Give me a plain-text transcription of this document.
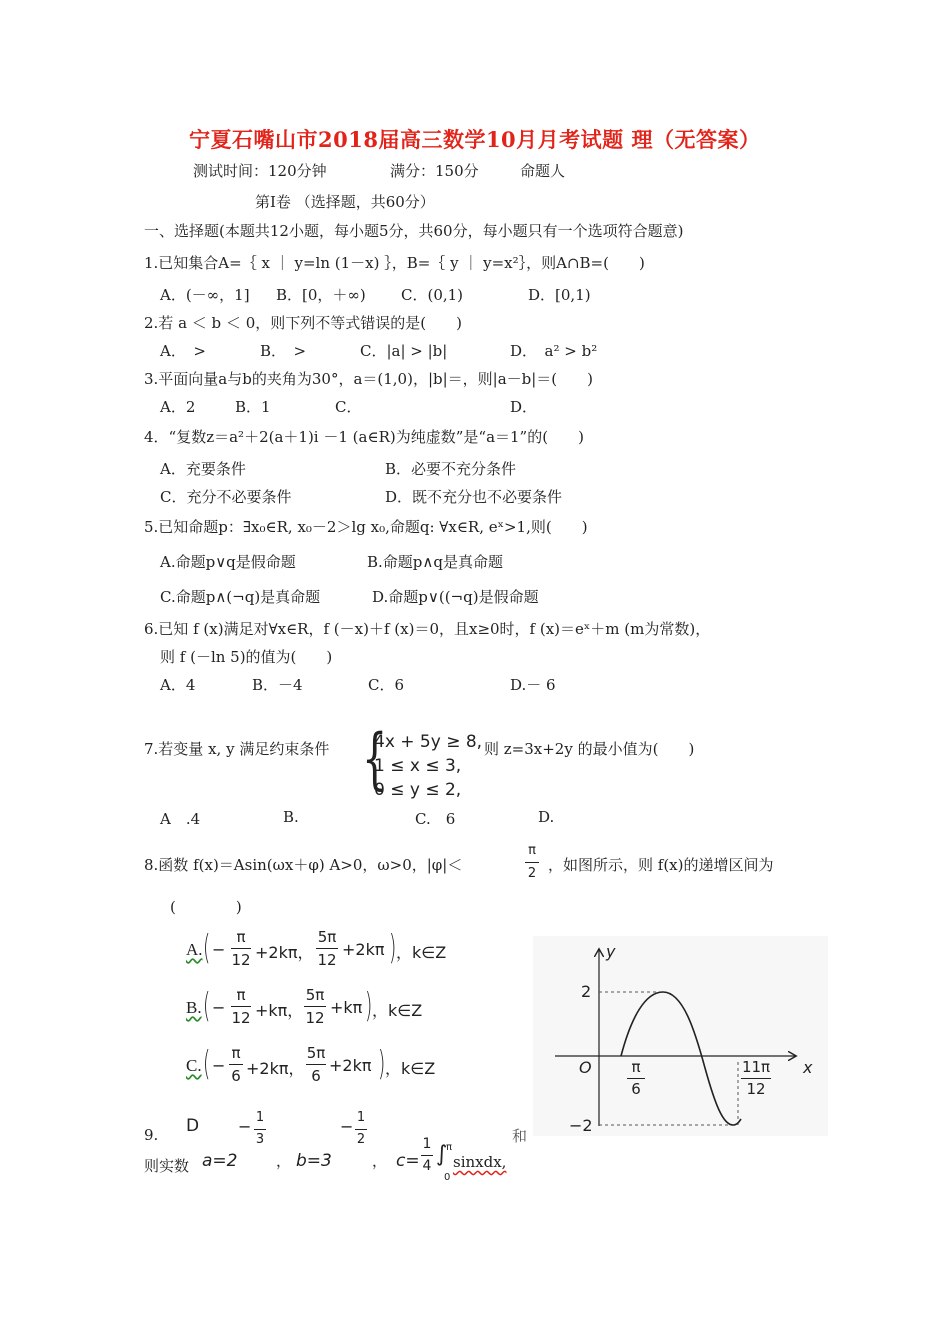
宁夏石嘴山市2018届高三数学10月月考试题 理（无答案）
测试时间：120分钟	满分：150分	命题人
第Ⅰ卷 （选择题，共60分）
一、选择题(本题共12小题，每小题5分，共60分，每小题只有一个选项符合题意)
1.已知集合A=｛ x ｜ y=ln (1－x) ｝，B=｛ y ｜ y=x²｝，则A∩B=(　　)
A．(－∞，1] B．[0，＋∞) C．(0,1)	D．[0,1)
2.若 a ＜ b ＜ 0，则下列不等式错误的是(　　)
A．　>	B．　>	C．|a| > |b|	D．　a² > b²
3.平面向量a与b的夹角为30°，a＝(1,0)，|b|＝，则|a－b|＝(　　)
A．2	B．1	C．	D．
4．“复数z＝a²＋2(a＋1)i －1 (a∈R)为纯虚数”是“a＝1”的(　　)
A．充要条件	B．必要不充分条件
C．充分不必要条件	D．既不充分也不必要条件
5.已知命题p：∃x₀∈R, x₀－2＞lg x₀,命题q: ∀x∈R, eˣ>1,则(　　)
A.命题p∨q是假命题	B.命题p∧q是真命题
C.命题p∧(¬q)是真命题	D.命题p∨((¬q)是假命题
6.已知 f (x)满足对∀x∈R，f (－x)＋f (x)＝0，且x≥0时，f (x)＝eˣ＋m (m为常数)，
则 f (－ln 5)的值为(　　)
A．4	B．－4	C．6	D.－ 6
7.若变量 x, y 满足约束条件 {
4x + 5y ≥ 8,
1 ≤ x ≤ 3,
0 ≤ y ≤ 2,
则 z=3x+2y 的最小值为(　　)
A　.4	B.	C.　6	D.
8.函数 f(x)＝Asin(ωx＋φ) A>0，ω>0，|φ|＜
π
2 ，如图所示，则 f(x)的递增区间为
(　　　　)
A. ( −
π
12 +2kπ，
5π
12
+2kπ ) ，k∈Z
B. ( −
π
12 +kπ，
5π
12
+kπ ) ，k∈Z
C. ( −
π
6 +2kπ，
5π
6
+2kπ ) ，k∈Z
D
y
x
O
2
−2
π
6
11π
12
9.
则实数 a=2
− 1
3
， b=3
− 1
2
， c=
1
4 ∫
π
0
sinxdx,
和
